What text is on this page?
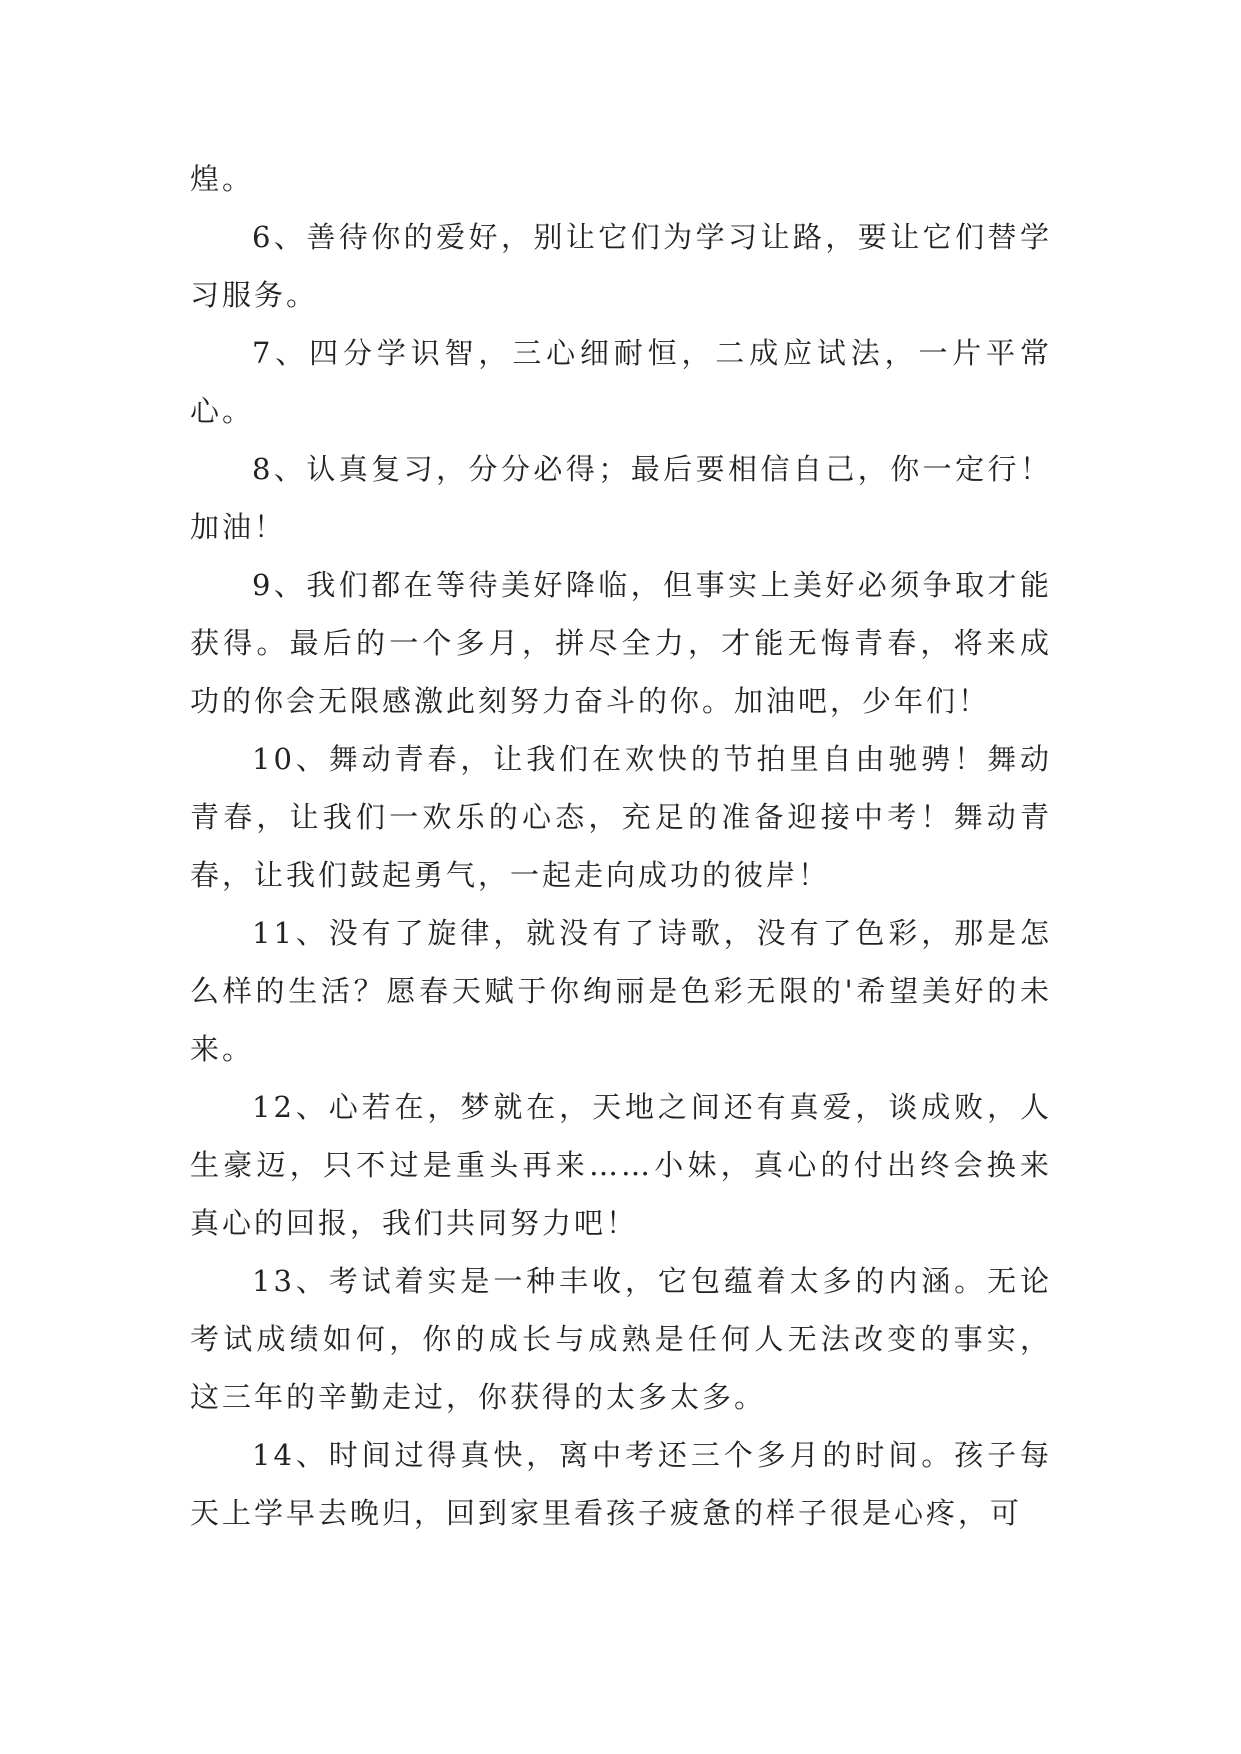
煌。

6、善待你的爱好，别让它们为学习让路，要让它们替学习服务。

7、四分学识智，三心细耐恒，二成应试法，一片平常心。

8、认真复习，分分必得；最后要相信自己，你一定行！加油！

9、我们都在等待美好降临，但事实上美好必须争取才能获得。最后的一个多月，拼尽全力，才能无悔青春，将来成功的你会无限感激此刻努力奋斗的你。加油吧，少年们！

10、舞动青春，让我们在欢快的节拍里自由驰骋！舞动青春，让我们一欢乐的心态，充足的准备迎接中考！舞动青春，让我们鼓起勇气，一起走向成功的彼岸！

11、没有了旋律，就没有了诗歌，没有了色彩，那是怎么样的生活？愿春天赋于你绚丽是色彩无限的'希望美好的未来。

12、心若在，梦就在，天地之间还有真爱，谈成败，人生豪迈，只不过是重头再来……小妹，真心的付出终会换来真心的回报，我们共同努力吧！

13、考试着实是一种丰收，它包蕴着太多的内涵。无论考试成绩如何，你的成长与成熟是任何人无法改变的事实，这三年的辛勤走过，你获得的太多太多。

14、时间过得真快，离中考还三个多月的时间。孩子每天上学早去晚归，回到家里看孩子疲惫的样子很是心疼，可
